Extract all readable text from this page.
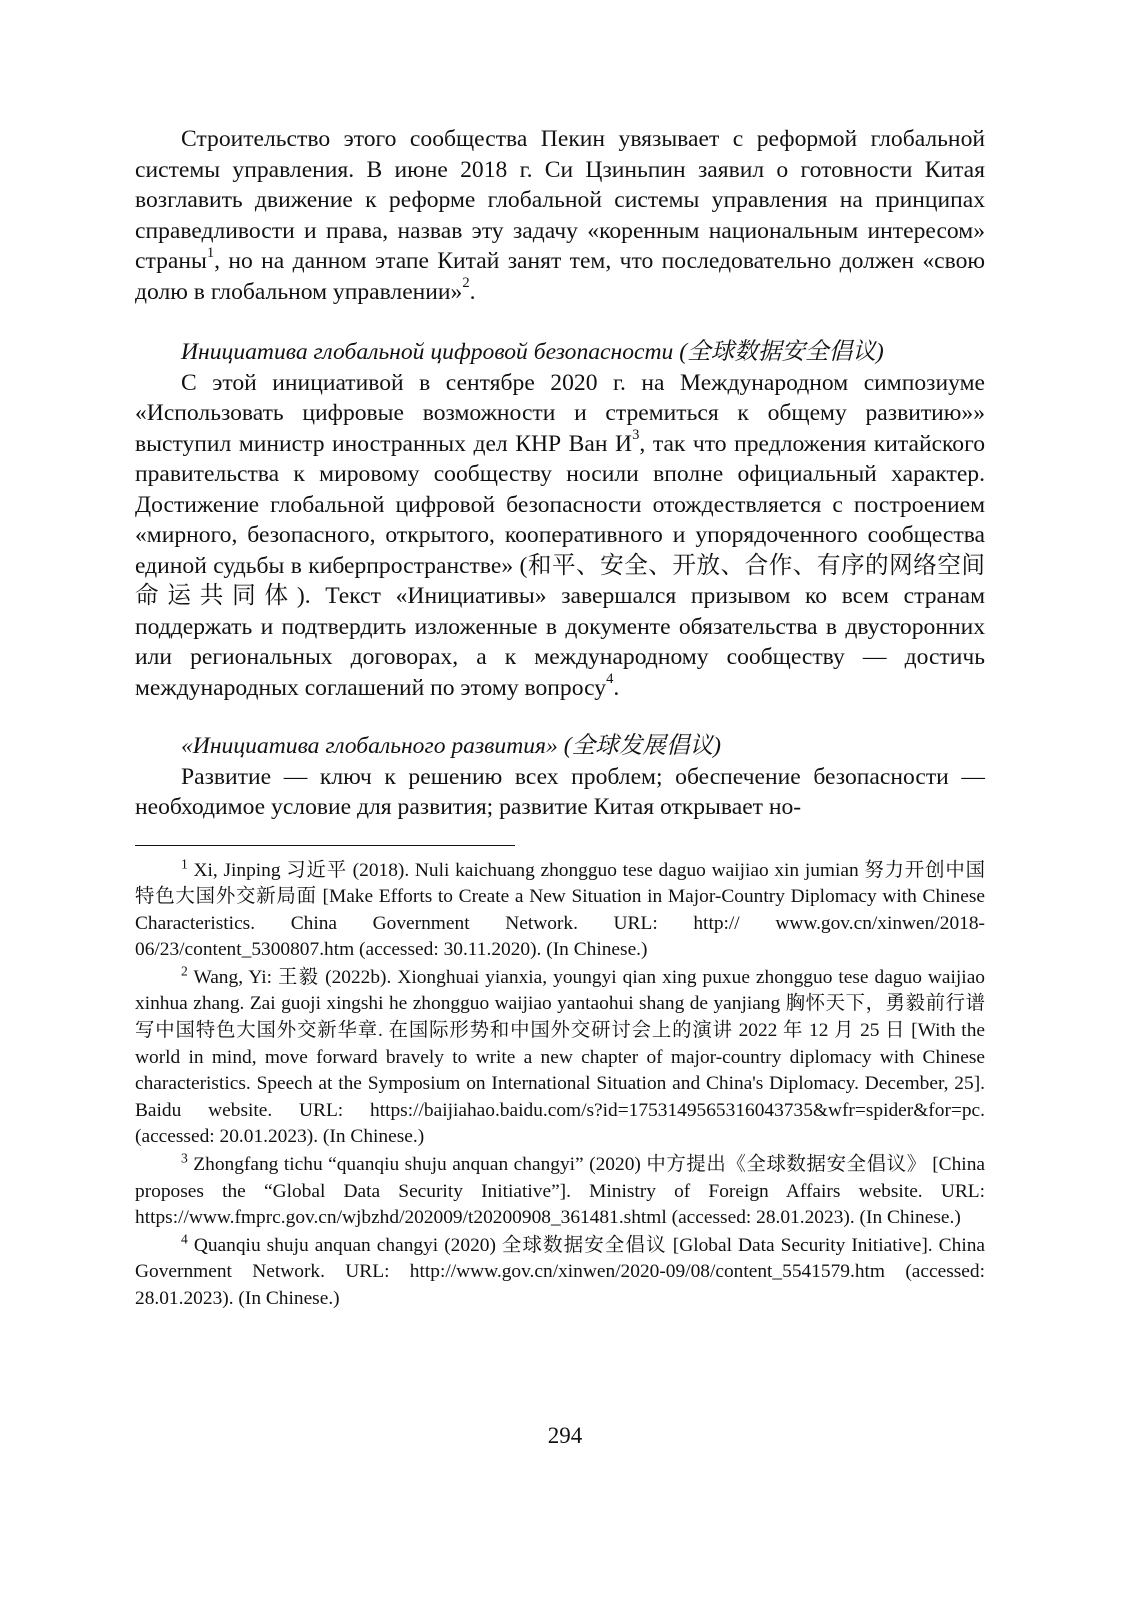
Строительство этого сообщества Пекин увязывает с реформой глобальной системы управления. В июне 2018 г. Си Цзиньпин заявил о готовности Китая возглавить движение к реформе глобальной системы управления на принципах справедливости и права, назвав эту задачу «коренным национальным интересом» страны$^1$, но на данном этапе Китай занят тем, что последовательно должен «свою долю в глобальном управлении»$^2$.

Инициатива глобальной цифровой безопасности (全球数据安全倡议)

С этой инициативой в сентябре 2020 г. на Международном симпозиуме «Использовать цифровые возможности и стремиться к общему развитию»» выступил министр иностранных дел КНР Ван $И^3$, так что предложения китайского правительства к мировому сообществу носили вполне официальный характер. Достижение глобальной цифровой безопасности отождествляется с построением «мирного, безопасного, открытого, кооперативного и упорядоченного сообщества единой судьбы в киберпространстве» (和平、安全、开放、合作、有序的网络空间命运共同体). Текст «Инициативы» завершался призывом ко всем странам поддержать и подтвердить изложенные в документе обязательства в двусторонних или региональных договорах, а к международному сообществу — достичь международных соглашений по этому вопросу$^4$.

«Инициатива глобального развития» (全球发展倡议)

Развитие — ключ к решению всех проблем; обеспечение безопасности — необходимое условие для развития; развитие Китая открывает но-

$^1$ Xi, Jinping 习近平 (2018). Nuli kaichuang zhongguo tese daguo waijiao xin jumian 努力开创中国特色大国外交新局面 [Make Efforts to Create a New Situation in Major-Country Diplomacy with Chinese Characteristics. China Government Network. URL: http:// www.gov.cn/xinwen/2018-06/23/content_5300807.htm (accessed: 30.11.2020). (In Chinese.)

$^2$ Wang, Yi: 王毅 (2022b). Xionghuai yianxia, youngyi qian xing puxue zhongguo tese daguo waijiao xinhua zhang. Zai guoji xingshi he zhongguo waijiao yantaohui shang de yanjiang 胸怀天下，勇毅前行谱写中国特色大国外交新华章. 在国际形势和中国外交研讨会上的演讲 2022 年 12 月 25 日 [With the world in mind, move forward bravely to write a new chapter of major-country diplomacy with Chinese characteristics. Speech at the Symposium on International Situation and China's Diplomacy. December, 25]. Baidu website. URL: https://baijiahao.baidu.com/s?id=1753149565316043735&wfr=spider&for=pc. (accessed: 20.01.2023). (In Chinese.)

$^3$ Zhongfang tichu “quanqiu shuju anquan changyi” (2020) 中方提出《全球数据安全倡议》 [China proposes the “Global Data Security Initiative”]. Ministry of Foreign Affairs website. URL: https://www.fmprc.gov.cn/wjbzhd/202009/t20200908_361481.shtml (accessed: 28.01.2023). (In Chinese.)

$^4$ Quanqiu shuju anquan changyi (2020) 全球数据安全倡议 [Global Data Security Initiative]. China Government Network. URL: http://www.gov.cn/xinwen/2020-09/08/content_5541579.htm (accessed: 28.01.2023). (In Chinese.)

294
